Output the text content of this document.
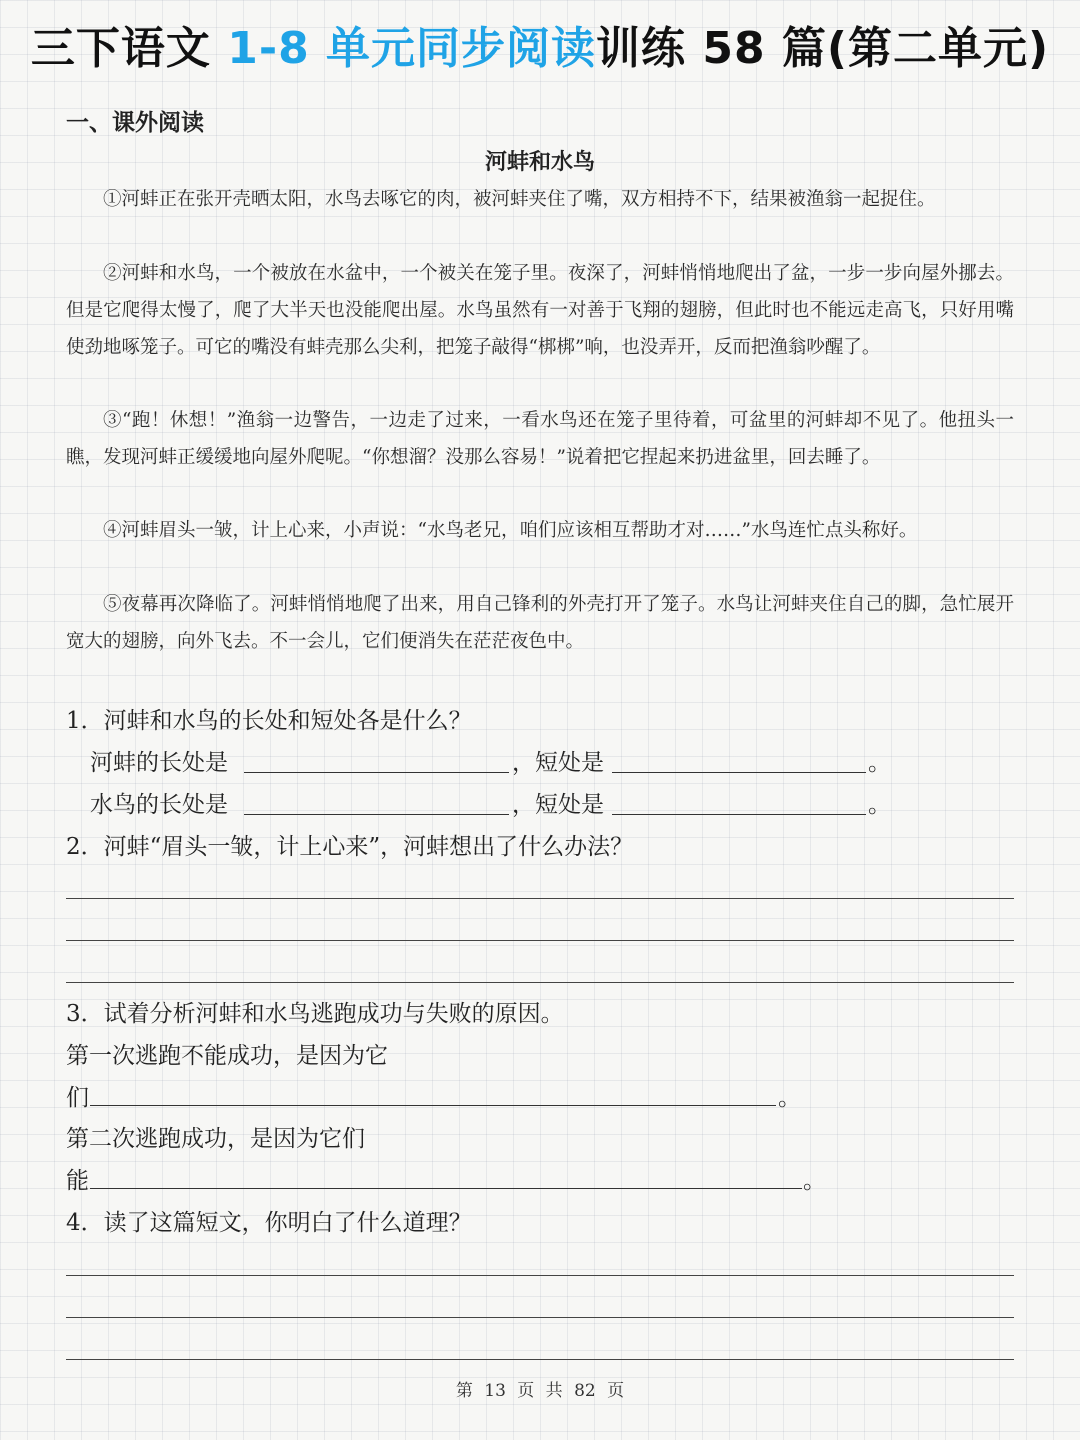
三下语文 1-8 单元同步阅读训练 58 篇(第二单元)
一、课外阅读
河蚌和水鸟
①河蚌正在张开壳晒太阳，水鸟去啄它的肉，被河蚌夹住了嘴，双方相持不下，结果被渔翁一起捉住。
②河蚌和水鸟，一个被放在水盆中，一个被关在笼子里。夜深了，河蚌悄悄地爬出了盆，一步一步向屋外挪去。但是它爬得太慢了，爬了大半天也没能爬出屋。水鸟虽然有一对善于飞翔的翅膀，但此时也不能远走高飞，只好用嘴使劲地啄笼子。可它的嘴没有蚌壳那么尖利，把笼子敲得“梆梆”响，也没弄开，反而把渔翁吵醒了。
③“跑！休想！”渔翁一边警告，一边走了过来，一看水鸟还在笼子里待着，可盆里的河蚌却不见了。他扭头一瞧，发现河蚌正缓缓地向屋外爬呢。“你想溜？没那么容易！”说着把它捏起来扔进盆里，回去睡了。
④河蚌眉头一皱，计上心来，小声说：“水鸟老兄，咱们应该相互帮助才对……”水鸟连忙点头称好。
⑤夜幕再次降临了。河蚌悄悄地爬了出来，用自己锋利的外壳打开了笼子。水鸟让河蚌夹住自己的脚，急忙展开宽大的翅膀，向外飞去。不一会儿，它们便消失在茫茫夜色中。
1．河蚌和水鸟的长处和短处各是什么？
河蚌的长处是	，短处是	。
水鸟的长处是	，短处是	。
2．河蚌“眉头一皱，计上心来”，河蚌想出了什么办法？
3．试着分析河蚌和水鸟逃跑成功与失败的原因。
第一次逃跑不能成功，是因为它
们	。
第二次逃跑成功，是因为它们
能	。
4．读了这篇短文，你明白了什么道理？
第 13 页 共 82 页
